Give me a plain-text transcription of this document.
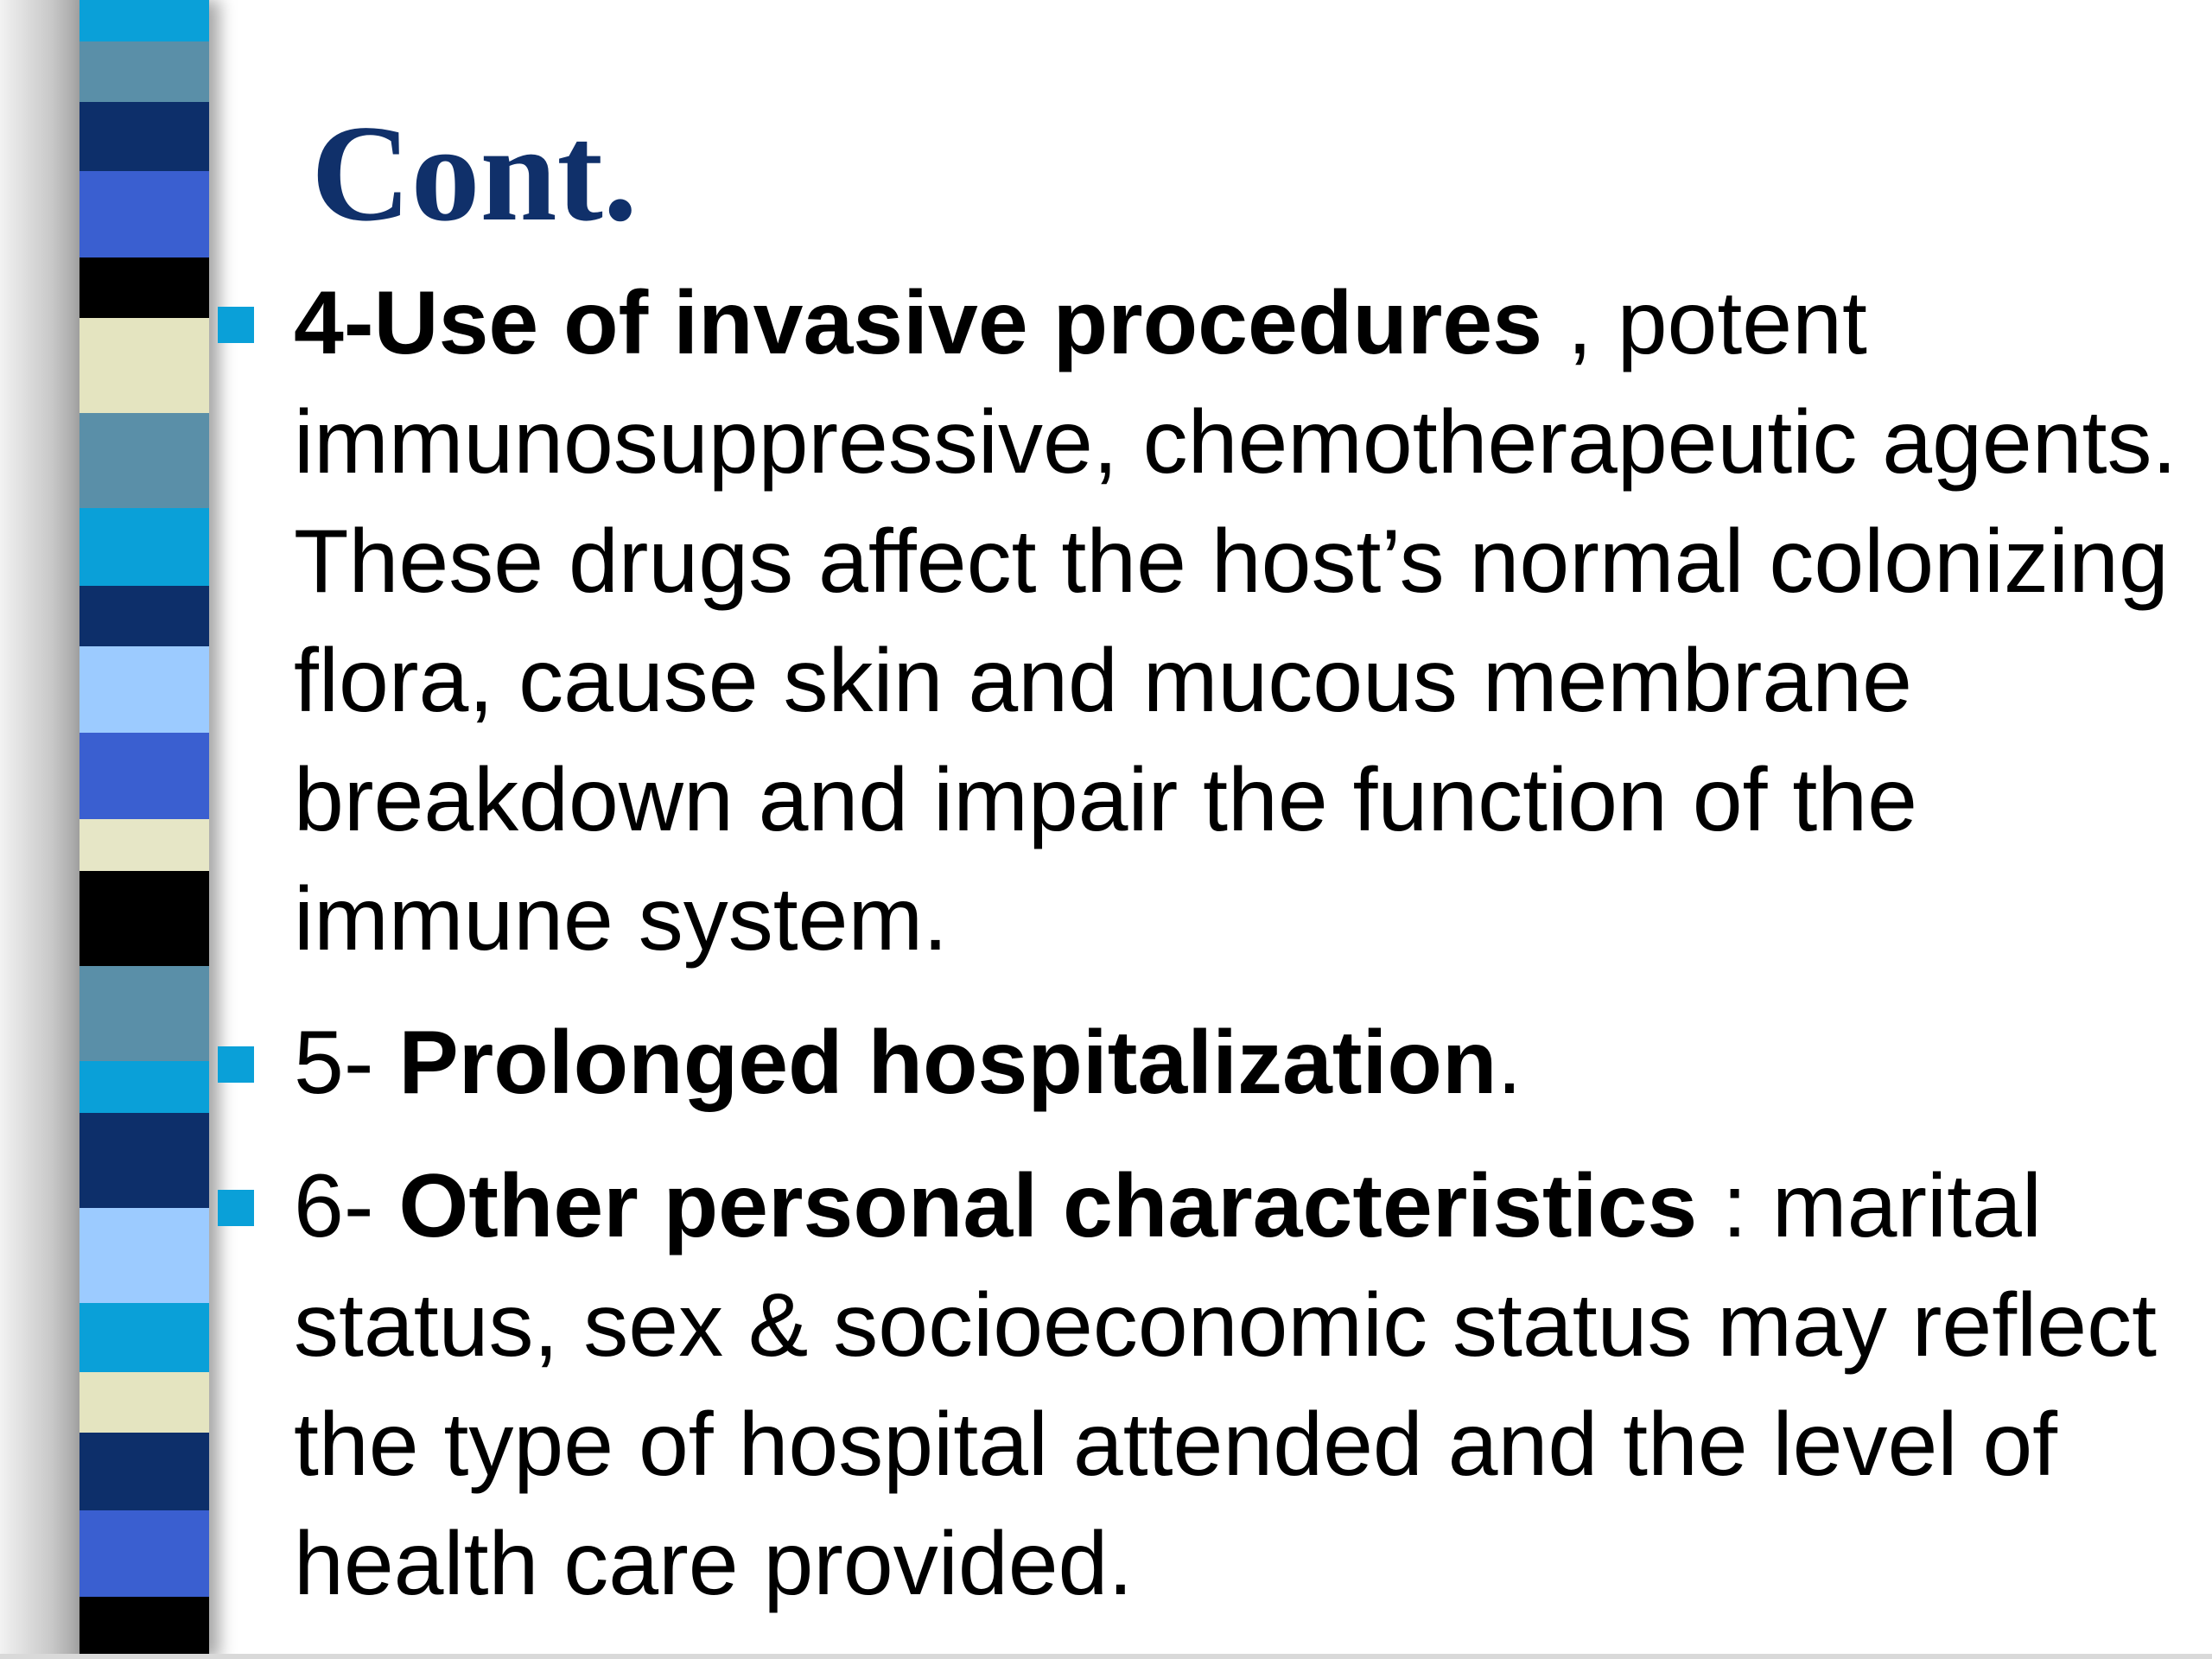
Cont.
4-Use of invasive procedures , potent immunosuppressive, chemotherapeutic agents. These drugs affect the host’s normal colonizing flora, cause skin and mucous membrane breakdown and impair the function of the immune system.
5- Prolonged hospitalization.
6- Other personal characteristics : marital status, sex & socioeconomic status may reflect the type of hospital attended and the level of health care provided.
